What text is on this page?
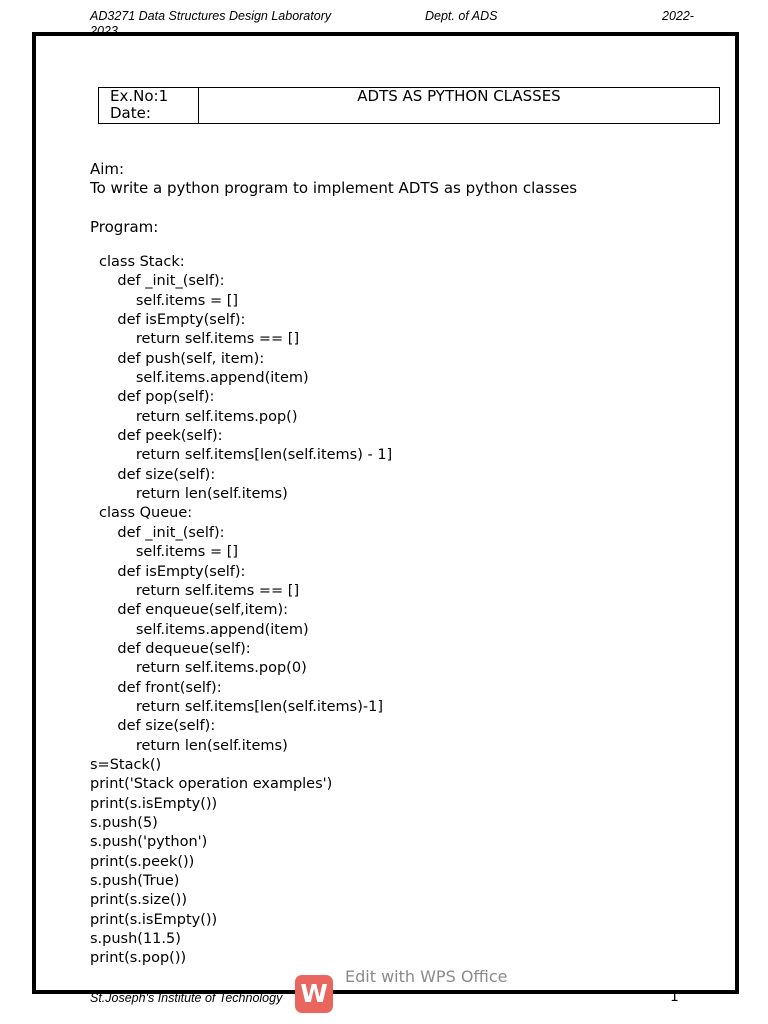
AD3271 Data Structures Design Laboratory	Dept. of ADS	2022-
2023
Ex.No:1
Date:
ADTS AS PYTHON CLASSES
Aim:
To write a python program to implement ADTS as python classes
Program:
class Stack:
def _init_(self):
self.items = []
def isEmpty(self):
return self.items == []
def push(self, item):
self.items.append(item)
def pop(self):
return self.items.pop()
def peek(self):
return self.items[len(self.items) - 1]
def size(self):
return len(self.items)
class Queue:
def _init_(self):
self.items = []
def isEmpty(self):
return self.items == []
def enqueue(self,item):
self.items.append(item)
def dequeue(self):
return self.items.pop(0)
def front(self):
return self.items[len(self.items)-1]
def size(self):
return len(self.items)
s=Stack()
print('Stack operation examples')
print(s.isEmpty())
s.push(5)
s.push('python')
print(s.peek())
s.push(True)
print(s.size())
print(s.isEmpty())
s.push(11.5)
print(s.pop())
St.Joseph's Institute of Technology W
Edit with WPS Office
1
